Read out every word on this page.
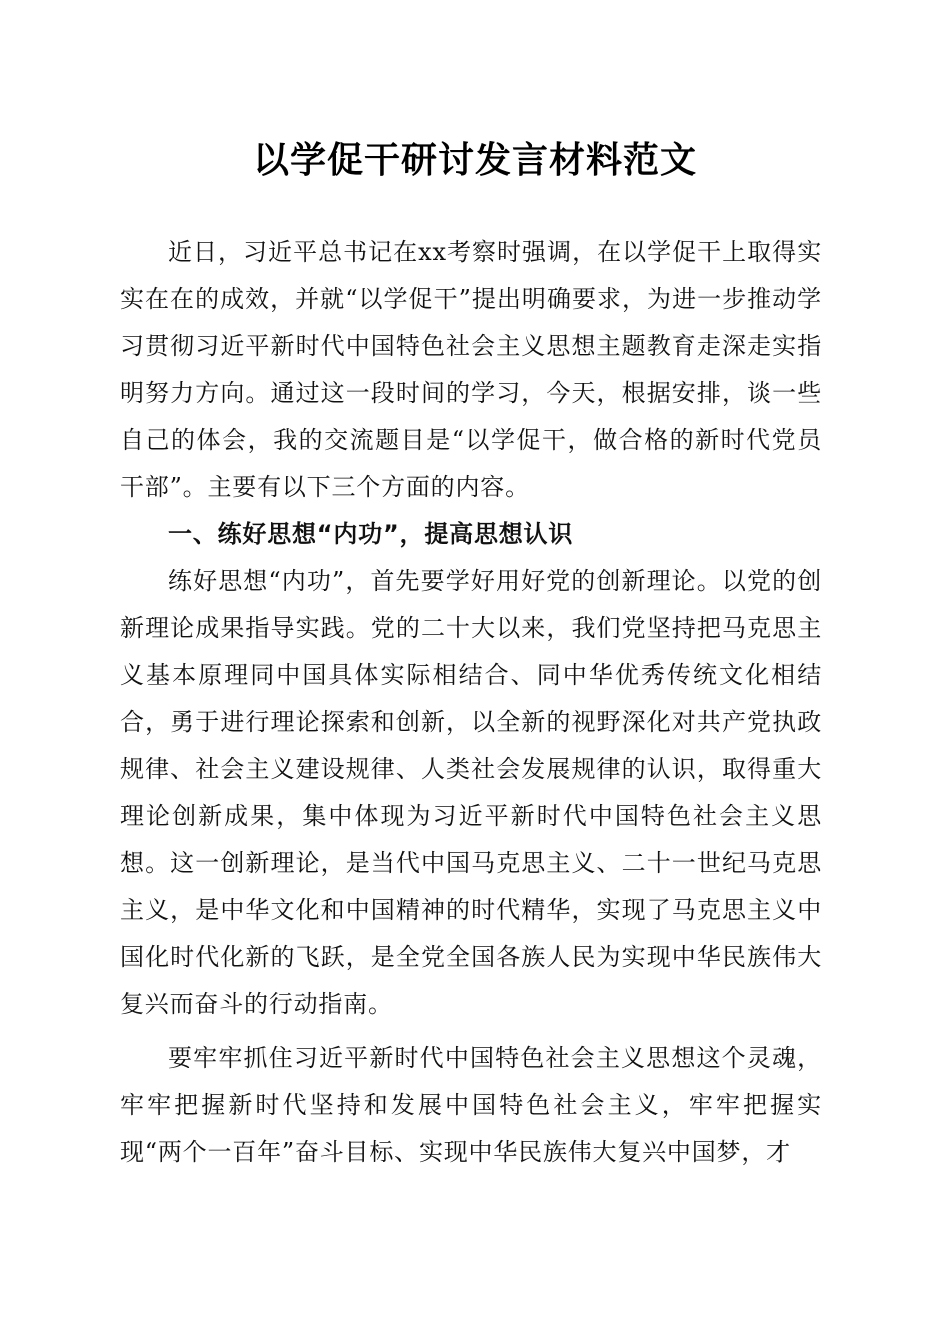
以学促干研讨发言材料范文

近日，习近平总书记在xx考察时强调，在以学促干上取得实实在在的成效，并就“以学促干”提出明确要求，为进一步推动学习贯彻习近平新时代中国特色社会主义思想主题教育走深走实指明努力方向。通过这一段时间的学习，今天，根据安排，谈一些自己的体会，我的交流题目是“以学促干，做合格的新时代党员干部”。主要有以下三个方面的内容。

一、练好思想“内功”，提高思想认识

练好思想“内功”，首先要学好用好党的创新理论。以党的创新理论成果指导实践。党的二十大以来，我们党坚持把马克思主义基本原理同中国具体实际相结合、同中华优秀传统文化相结合，勇于进行理论探索和创新，以全新的视野深化对共产党执政规律、社会主义建设规律、人类社会发展规律的认识，取得重大理论创新成果，集中体现为习近平新时代中国特色社会主义思想。这一创新理论，是当代中国马克思主义、二十一世纪马克思主义，是中华文化和中国精神的时代精华，实现了马克思主义中国化时代化新的飞跃，是全党全国各族人民为实现中华民族伟大复兴而奋斗的行动指南。

要牢牢抓住习近平新时代中国特色社会主义思想这个灵魂，牢牢把握新时代坚持和发展中国特色社会主义，牢牢把握实现“两个一百年”奋斗目标、实现中华民族伟大复兴中国梦，才
